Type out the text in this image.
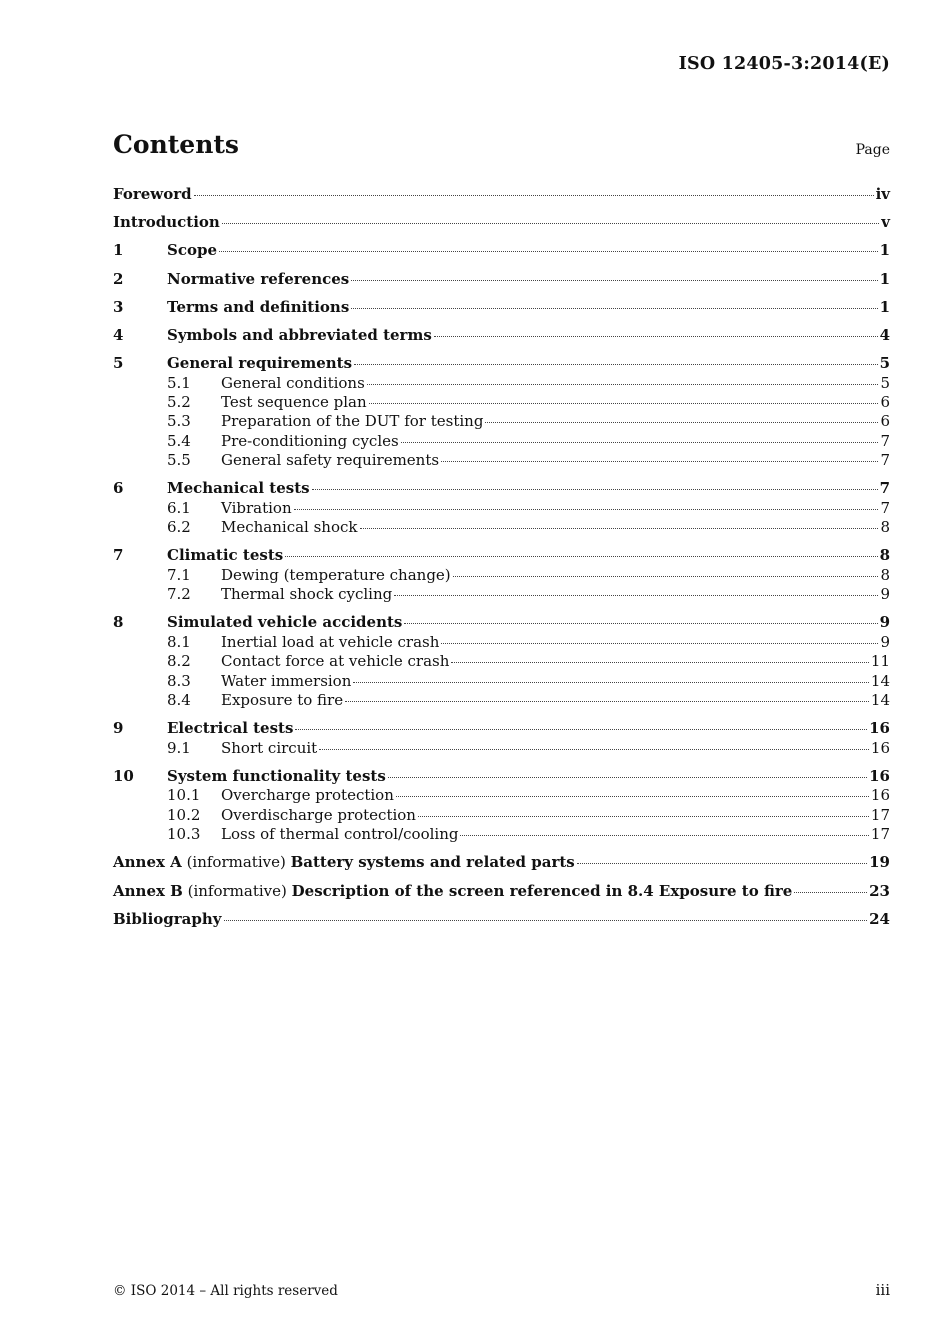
ISO 12405-3:2014(E)
Contents	Page
Foreword	iv
Introduction	v
1	Scope	1
2	Normative references	1
3	Terms and definitions	1
4	Symbols and abbreviated terms	4
5	General requirements	5
5.1	General conditions	5
5.2	Test sequence plan	6
5.3	Preparation of the DUT for testing	6
5.4	Pre-conditioning cycles	7
5.5	General safety requirements	7
6	Mechanical tests	7
6.1	Vibration	7
6.2	Mechanical shock	8
7	Climatic tests	8
7.1	Dewing (temperature change)	8
7.2	Thermal shock cycling	9
8	Simulated vehicle accidents	9
8.1	Inertial load at vehicle crash	9
8.2	Contact force at vehicle crash	11
8.3	Water immersion	14
8.4	Exposure to fire	14
9	Electrical tests	16
9.1	Short circuit	16
10	System functionality tests	16
10.1	Overcharge protection	16
10.2	Overdischarge protection	17
10.3	Loss of thermal control/cooling	17
Annex A (informative) Battery systems and related parts	19
Annex B (informative) Description of the screen referenced in 8.4 Exposure to fire	23
Bibliography	24
© ISO 2014 – All rights reserved	iii
